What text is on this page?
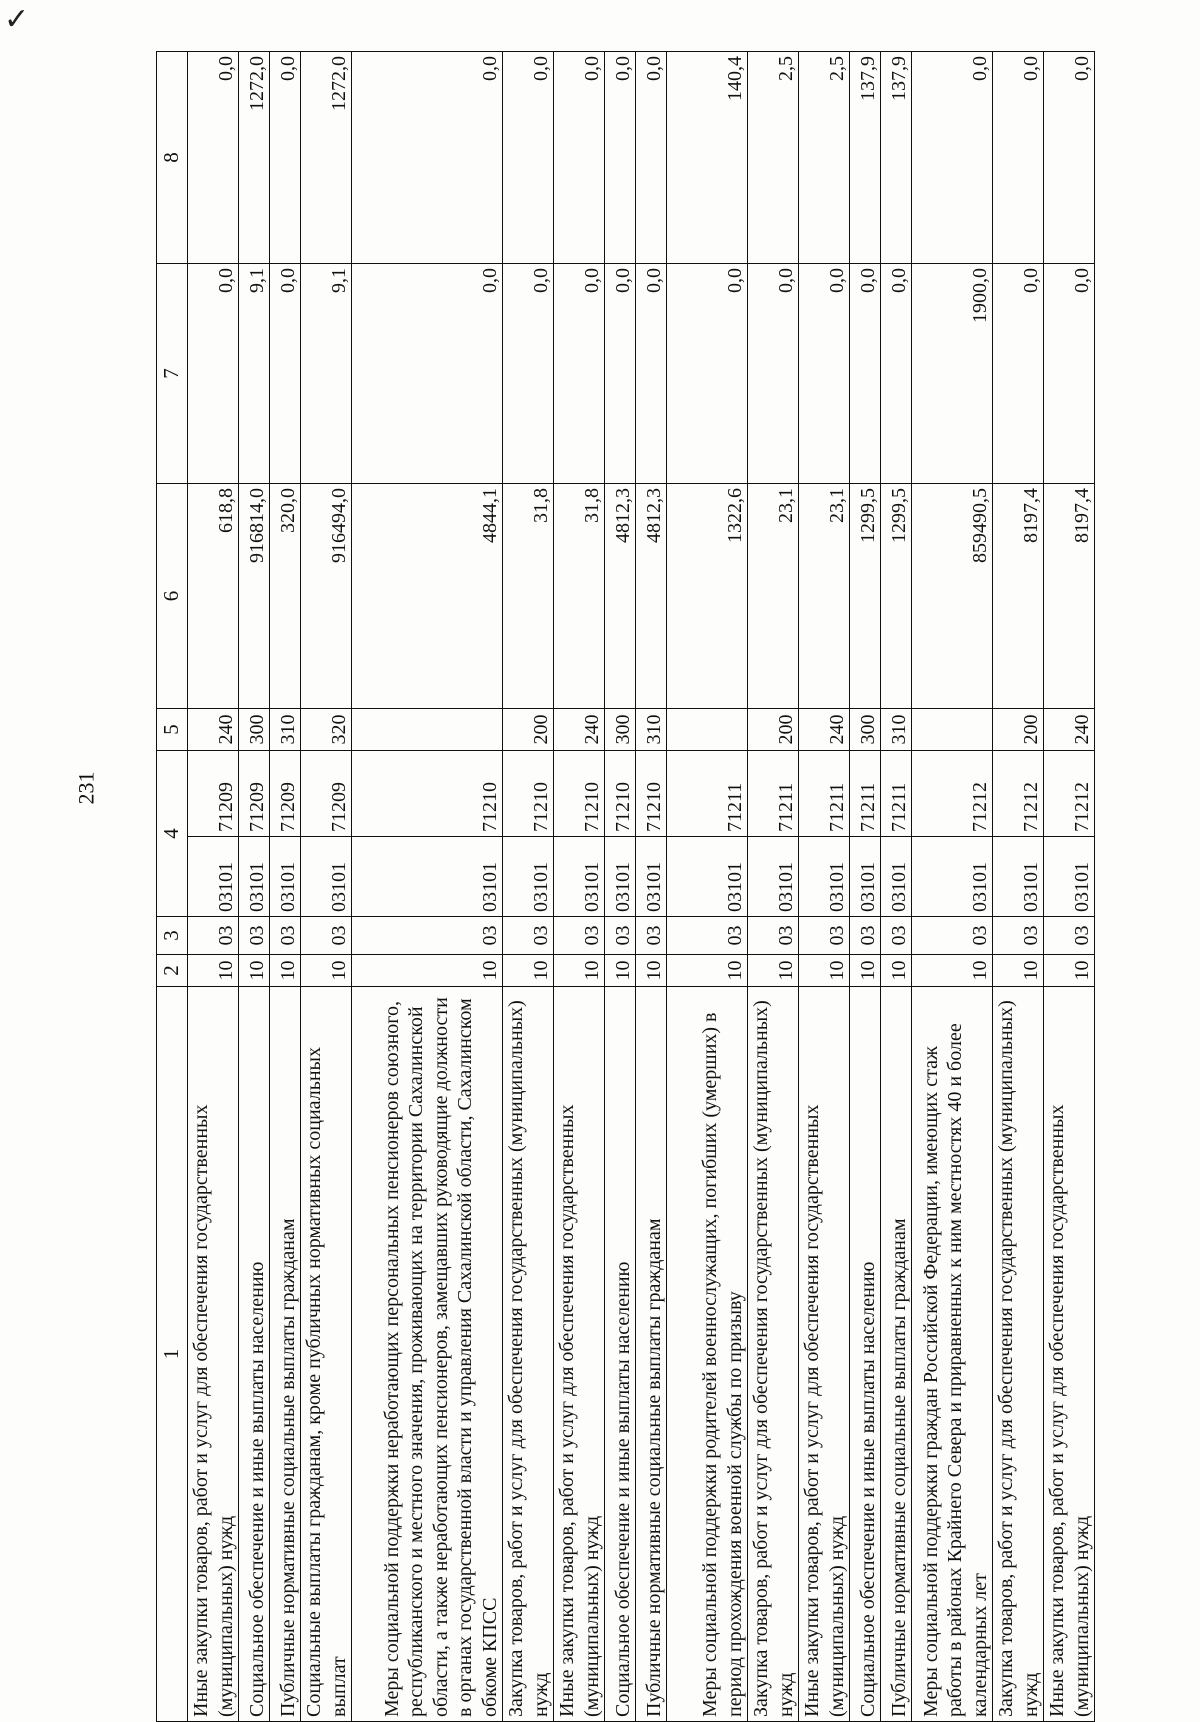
✓
231
1	2	3	4		5	6	7	8
Иные закупки товаров, работ и услуг для обеспечения государственных (муниципальных) нужд	10	03	03101	71209	240	618,8	0,0	0,0
Социальное обеспечение и иные выплаты населению	10	03	03101	71209	300	916814,0	9,1	1272,0
Публичные нормативные социальные выплаты гражданам	10	03	03101	71209	310	320,0	0,0	0,0
Социальные выплаты гражданам, кроме публичных нормативных социальных выплат	10	03	03101	71209	320	916494,0	9,1	1272,0
Меры социальной поддержки неработающих персональных пенсионеров союзного, республиканского и местного значения, проживающих на территории Сахалинской области, а также неработающих пенсионеров, замещавших руководящие должности в органах государственной власти и управления Сахалинской области, Сахалинском обкоме КПСС	10	03	03101	71210		4844,1	0,0	0,0
Закупка товаров, работ и услуг для обеспечения государственных (муниципальных) нужд	10	03	03101	71210	200	31,8	0,0	0,0
Иные закупки товаров, работ и услуг для обеспечения государственных (муниципальных) нужд	10	03	03101	71210	240	31,8	0,0	0,0
Социальное обеспечение и иные выплаты населению	10	03	03101	71210	300	4812,3	0,0	0,0
Публичные нормативные социальные выплаты гражданам	10	03	03101	71210	310	4812,3	0,0	0,0
Меры социальной поддержки родителей военнослужащих, погибших (умерших) в период прохождения военной службы по призыву	10	03	03101	71211		1322,6	0,0	140,4
Закупка товаров, работ и услуг для обеспечения государственных (муниципальных) нужд	10	03	03101	71211	200	23,1	0,0	2,5
Иные закупки товаров, работ и услуг для обеспечения государственных (муниципальных) нужд	10	03	03101	71211	240	23,1	0,0	2,5
Социальное обеспечение и иные выплаты населению	10	03	03101	71211	300	1299,5	0,0	137,9
Публичные нормативные социальные выплаты гражданам	10	03	03101	71211	310	1299,5	0,0	137,9
Меры социальной поддержки граждан Российской Федерации, имеющих стаж работы в районах Крайнего Севера и приравненных к ним местностях 40 и более календарных лет	10	03	03101	71212		859490,5	1900,0	0,0
Закупка товаров, работ и услуг для обеспечения государственных (муниципальных) нужд	10	03	03101	71212	200	8197,4	0,0	0,0
Иные закупки товаров, работ и услуг для обеспечения государственных (муниципальных) нужд	10	03	03101	71212	240	8197,4	0,0	0,0
